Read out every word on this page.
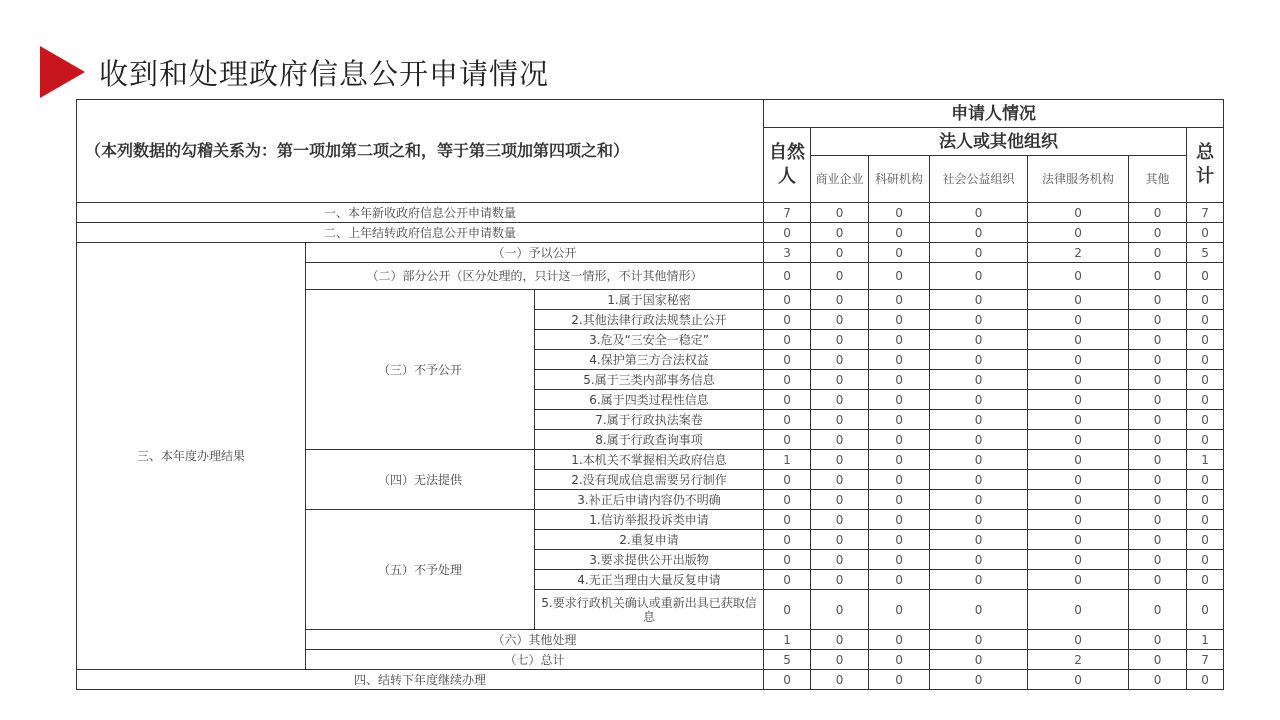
收到和处理政府信息公开申请情况
（本列数据的勾稽关系为：第一项加第二项之和，等于第三项加第四项之和）			申请人情况						
			自然人	法人或其他组织					总计
				商业企业	科研机构	社会公益组织	法律服务机构	其他	
一、本年新收政府信息公开申请数量			7	0	0	0	0	0	7
二、上年结转政府信息公开申请数量			0	0	0	0	0	0	0
三、本年度办理结果	（一）予以公开		3	0	0	0	2	0	5
	（二）部分公开（区分处理的，只计这一情形，不计其他情形）		0	0	0	0	0	0	0
	（三）不予公开	1.属于国家秘密	0	0	0	0	0	0	0
		2.其他法律行政法规禁止公开	0	0	0	0	0	0	0
		3.危及“三安全一稳定”	0	0	0	0	0	0	0
		4.保护第三方合法权益	0	0	0	0	0	0	0
		5.属于三类内部事务信息	0	0	0	0	0	0	0
		6.属于四类过程性信息	0	0	0	0	0	0	0
		7.属于行政执法案卷	0	0	0	0	0	0	0
		8.属于行政查询事项	0	0	0	0	0	0	0
	（四）无法提供	1.本机关不掌握相关政府信息	1	0	0	0	0	0	1
		2.没有现成信息需要另行制作	0	0	0	0	0	0	0
		3.补正后申请内容仍不明确	0	0	0	0	0	0	0
	（五）不予处理	1.信访举报投诉类申请	0	0	0	0	0	0	0
		2.重复申请	0	0	0	0	0	0	0
		3.要求提供公开出版物	0	0	0	0	0	0	0
		4.无正当理由大量反复申请	0	0	0	0	0	0	0
		5.要求行政机关确认或重新出具已获取信息	0	0	0	0	0	0	0
	（六）其他处理		1	0	0	0	0	0	1
	（七）总计		5	0	0	0	2	0	7
四、结转下年度继续办理			0	0	0	0	0	0	0
